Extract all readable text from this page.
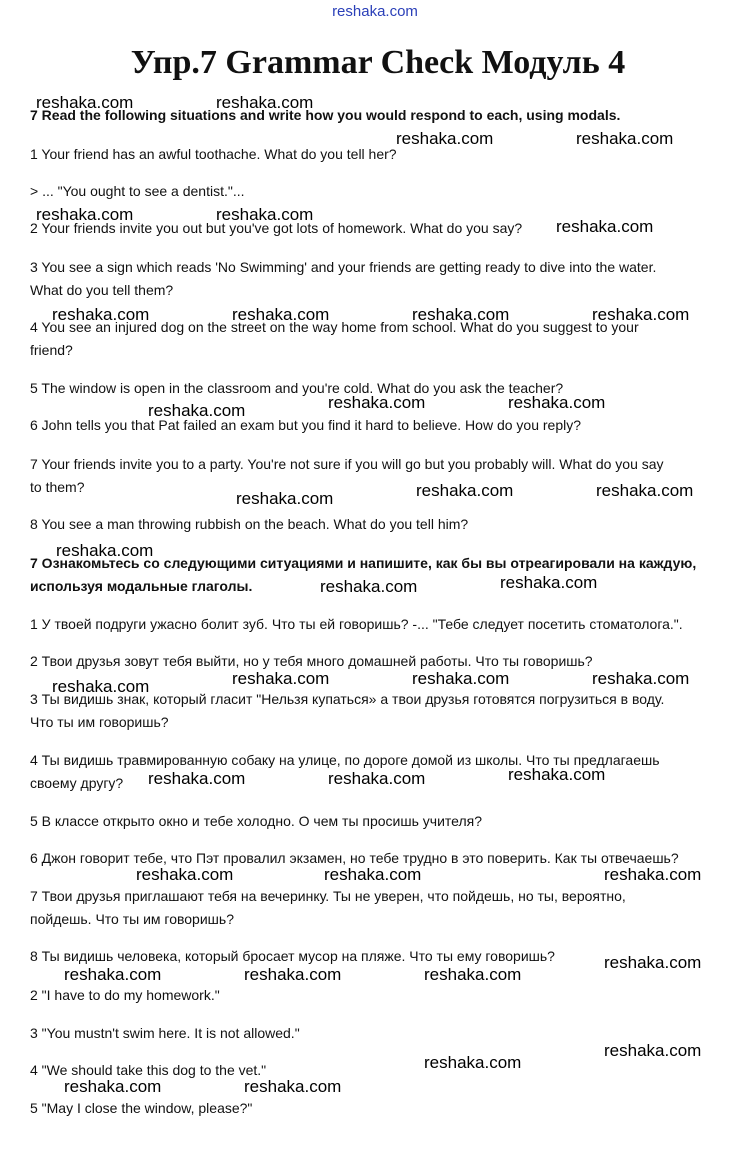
reshaka.com
Упр.7 Grammar Check Модуль 4
7 Read the following situations and write how you would respond to each, using modals.
1 Your friend has an awful toothache. What do you tell her?
> ... "You ought to see a dentist."...
2 Your friends invite you out but you've got lots of homework. What do you say?
3 You see a sign which reads 'No Swimming' and your friends are getting ready to dive into the water.
What do you tell them?
4 You see an injured dog on the street on the way home from school. What do you suggest to your
friend?
5 The window is open in the classroom and you're cold. What do you ask the teacher?
6 John tells you that Pat failed an exam but you find it hard to believe. How do you reply?
7 Your friends invite you to a party. You're not sure if you will go but you probably will. What do you say
to them?
8 You see a man throwing rubbish on the beach. What do you tell him?
7 Ознакомьтесь со следующими ситуациями и напишите, как бы вы отреагировали на каждую,
используя модальные глаголы.
1 У твоей подруги ужасно болит зуб. Что ты ей говоришь? -... "Тебе следует посетить стоматолога.".
2 Твои друзья зовут тебя выйти, но у тебя много домашней работы. Что ты говоришь?
3 Ты видишь знак, который гласит "Нельзя купаться» а твои друзья готовятся погрузиться в воду.
Что ты им говоришь?
4 Ты видишь травмированную собаку на улице, по дороге домой из школы. Что ты предлагаешь
своему другу?
5 В классе открыто окно и тебе холодно. О чем ты просишь учителя?
6 Джон говорит тебе, что Пэт провалил экзамен, но тебе трудно в это поверить. Как ты отвечаешь?
7 Твои друзья приглашают тебя на вечеринку. Ты не уверен, что пойдешь, но ты, вероятно,
пойдешь. Что ты им говоришь?
8 Ты видишь человека, который бросает мусор на пляже. Что ты ему говоришь?
2 "I have to do my homework."
3 "You mustn't swim here. It is not allowed."
4 "We should take this dog to the vet."
5 "May I close the window, please?"
reshaka.com	reshaka.com
reshaka.com	reshaka.com
reshaka.com	reshaka.com
reshaka.com
reshaka.com	reshaka.com	reshaka.com	reshaka.com
reshaka.com	reshaka.com	reshaka.com
reshaka.com	reshaka.com	reshaka.com
reshaka.com
reshaka.com	reshaka.com
reshaka.com	reshaka.com	reshaka.com
reshaka.com
reshaka.com	reshaka.com	reshaka.com
reshaka.com	reshaka.com	reshaka.com
reshaka.com
reshaka.com	reshaka.com	reshaka.com
reshaka.com
reshaka.com
reshaka.com	reshaka.com
